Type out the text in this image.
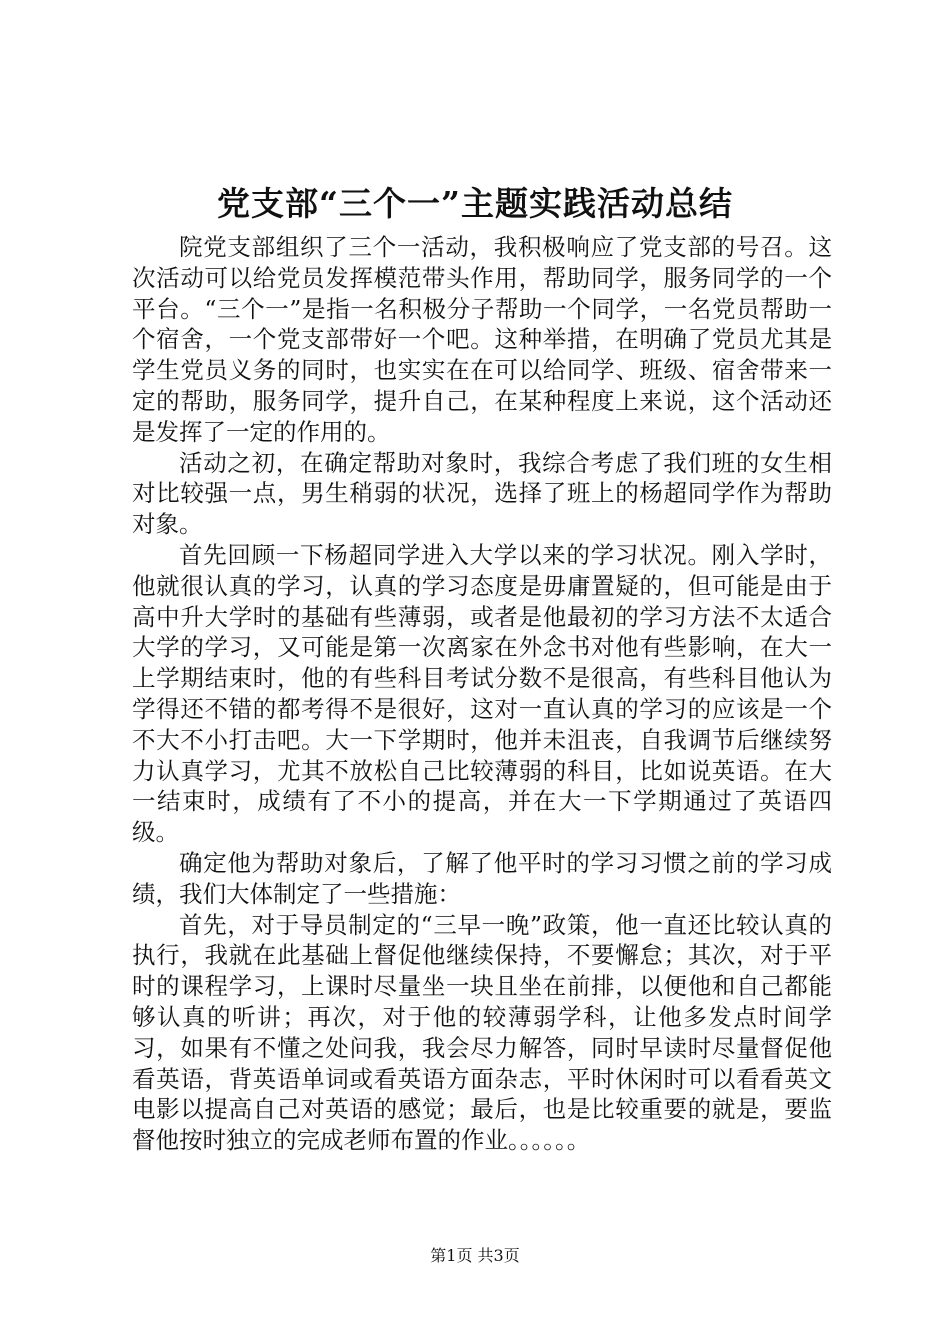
党支部“三个一”主题实践活动总结

院党支部组织了三个一活动，我积极响应了党支部的号召。这次活动可以给党员发挥模范带头作用，帮助同学，服务同学的一个平台。“三个一”是指一名积极分子帮助一个同学，一名党员帮助一个宿舍，一个党支部带好一个吧。这种举措，在明确了党员尤其是学生党员义务的同时，也实实在在可以给同学、班级、宿舍带来一定的帮助，服务同学，提升自己，在某种程度上来说，这个活动还是发挥了一定的作用的。

活动之初，在确定帮助对象时，我综合考虑了我们班的女生相对比较强一点，男生稍弱的状况，选择了班上的杨超同学作为帮助对象。

首先回顾一下杨超同学进入大学以来的学习状况。刚入学时，他就很认真的学习，认真的学习态度是毋庸置疑的，但可能是由于高中升大学时的基础有些薄弱，或者是他最初的学习方法不太适合大学的学习，又可能是第一次离家在外念书对他有些影响，在大一上学期结束时，他的有些科目考试分数不是很高，有些科目他认为学得还不错的都考得不是很好，这对一直认真的学习的应该是一个不大不小打击吧。大一下学期时，他并未沮丧，自我调节后继续努力认真学习，尤其不放松自己比较薄弱的科目，比如说英语。在大一结束时，成绩有了不小的提高，并在大一下学期通过了英语四级。

确定他为帮助对象后，了解了他平时的学习习惯之前的学习成绩，我们大体制定了一些措施：

首先，对于导员制定的“三早一晚”政策，他一直还比较认真的执行，我就在此基础上督促他继续保持，不要懈怠；其次，对于平时的课程学习，上课时尽量坐一块且坐在前排，以便他和自己都能够认真的听讲；再次，对于他的较薄弱学科，让他多发点时间学习，如果有不懂之处问我，我会尽力解答，同时早读时尽量督促他看英语，背英语单词或看英语方面杂志，平时休闲时可以看看英文电影以提高自己对英语的感觉；最后，也是比较重要的就是，要监督他按时独立的完成老师布置的作业。。。。。。

第1页 共3页
